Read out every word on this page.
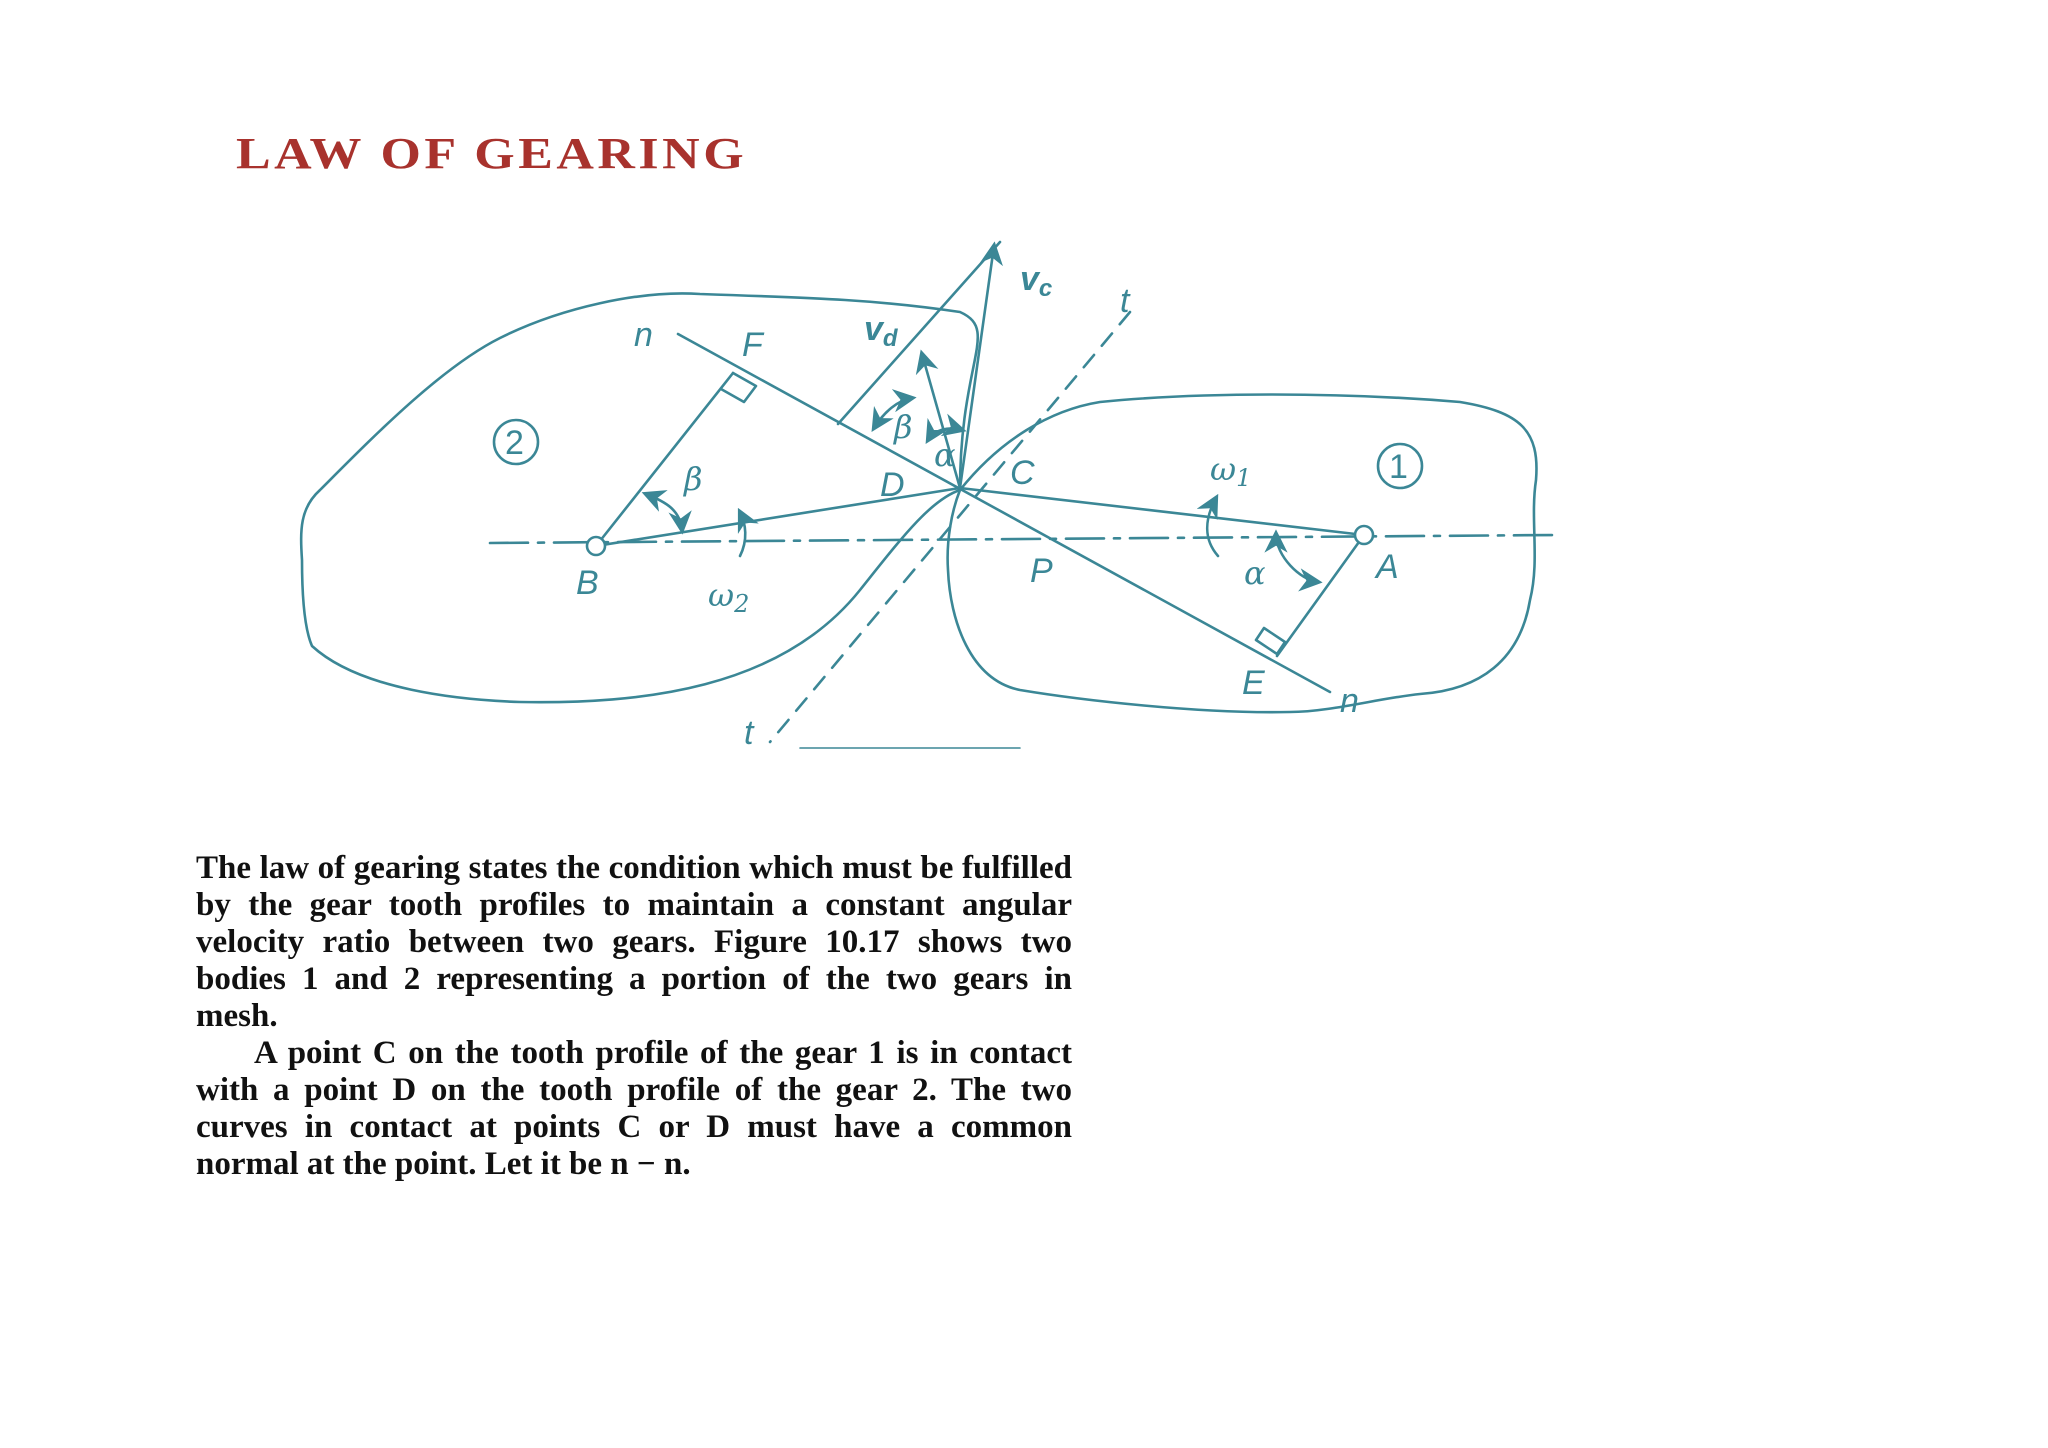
LAW OF GEARING
vc
vd
t
t
n
n
F
D	C
B	A
P
E
β
α
β
α
ω1
ω2
2
1

The law of gearing states the condition which must be fulfilled by the gear tooth profiles to maintain a constant angular velocity ratio between two gears. Figure 10.17 shows two bodies 1 and 2 representing a portion of the two gears in mesh.

A point C on the tooth profile of the gear 1 is in contact with a point D on the tooth profile of the gear 2. The two curves in contact at points C or D must have a common normal at the point. Let it be n − n.
